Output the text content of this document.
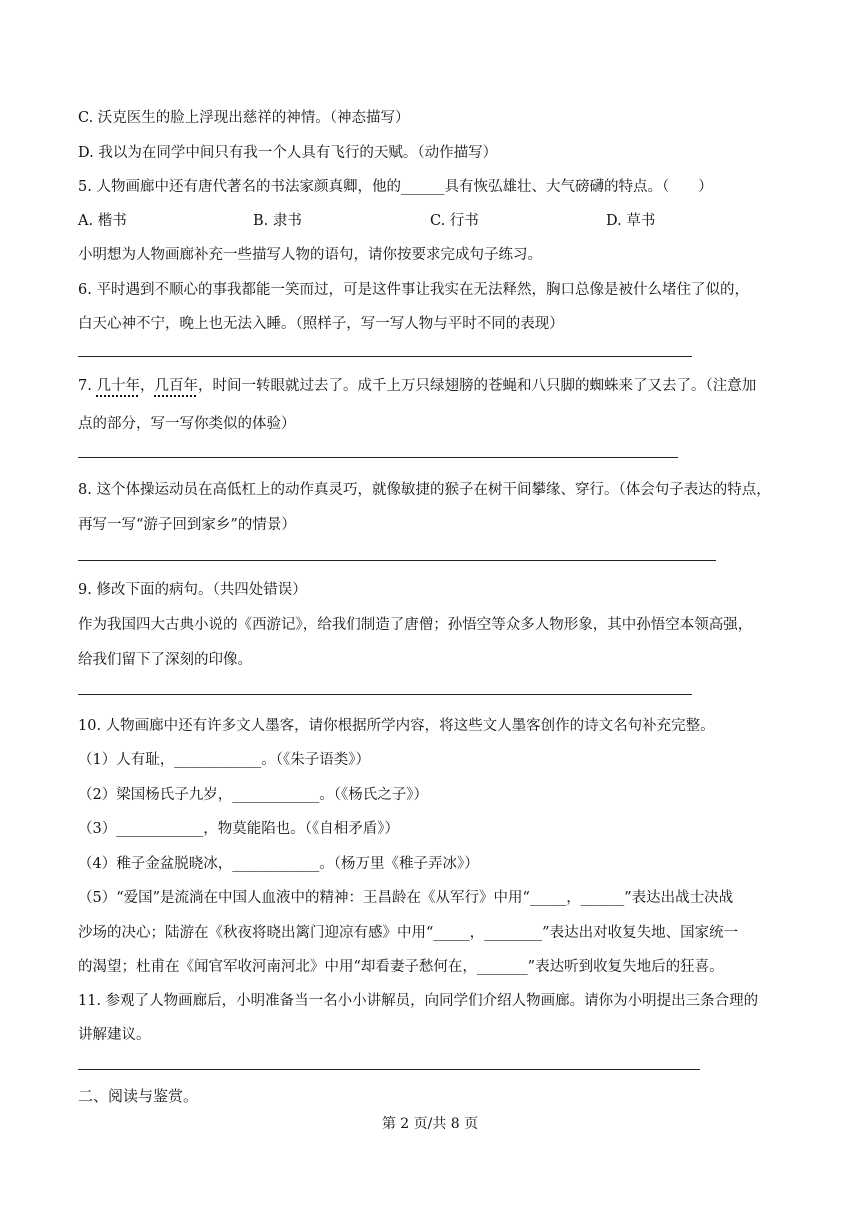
C. 沃克医生的脸上浮现出慈祥的神情。（神态描写）
D. 我以为在同学中间只有我一个人具有飞行的天赋。（动作描写）
5. 人物画廊中还有唐代著名的书法家颜真卿，他的______具有恢弘雄壮、大气磅礴的特点。（　　）
A. 楷书	B. 隶书	C. 行书	D. 草书
小明想为人物画廊补充一些描写人物的语句，请你按要求完成句子练习。
6. 平时遇到不顺心的事我都能一笑而过，可是这件事让我实在无法释然，胸口总像是被什么堵住了似的，
白天心神不宁，晚上也无法入睡。（照样子，写一写人物与平时不同的表现）
7. 几十年，几百年，时间一转眼就过去了。成千上万只绿翅膀的苍蝇和八只脚的蜘蛛来了又去了。（注意加
点的部分，写一写你类似的体验）
8. 这个体操运动员在高低杠上的动作真灵巧，就像敏捷的猴子在树干间攀缘、穿行。（体会句子表达的特点，
再写一写“游子回到家乡”的情景）
9. 修改下面的病句。（共四处错误）
作为我国四大古典小说的《西游记》，给我们制造了唐僧；孙悟空等众多人物形象，其中孙悟空本领高强，
给我们留下了深刻的印像。
10. 人物画廊中还有许多文人墨客，请你根据所学内容，将这些文人墨客创作的诗文名句补充完整。
（1）人有耻，____________。（《朱子语类》）
（2）梁国杨氏子九岁，____________。（《杨氏之子》）
（3）____________，物莫能陷也。（《自相矛盾》）
（4）稚子金盆脱晓冰，____________。（杨万里《稚子弄冰》）
（5）“爱国”是流淌在中国人血液中的精神：王昌龄在《从军行》中用“_____，______”表达出战士决战
沙场的决心；陆游在《秋夜将晓出篱门迎凉有感》中用“_____，________”表达出对收复失地、国家统一
的渴望；杜甫在《闻官军收河南河北》中用“却看妻子愁何在，_______”表达听到收复失地后的狂喜。
11. 参观了人物画廊后，小明准备当一名小小讲解员，向同学们介绍人物画廊。请你为小明提出三条合理的
讲解建议。
二、阅读与鉴赏。
第 2 页/共 8 页
